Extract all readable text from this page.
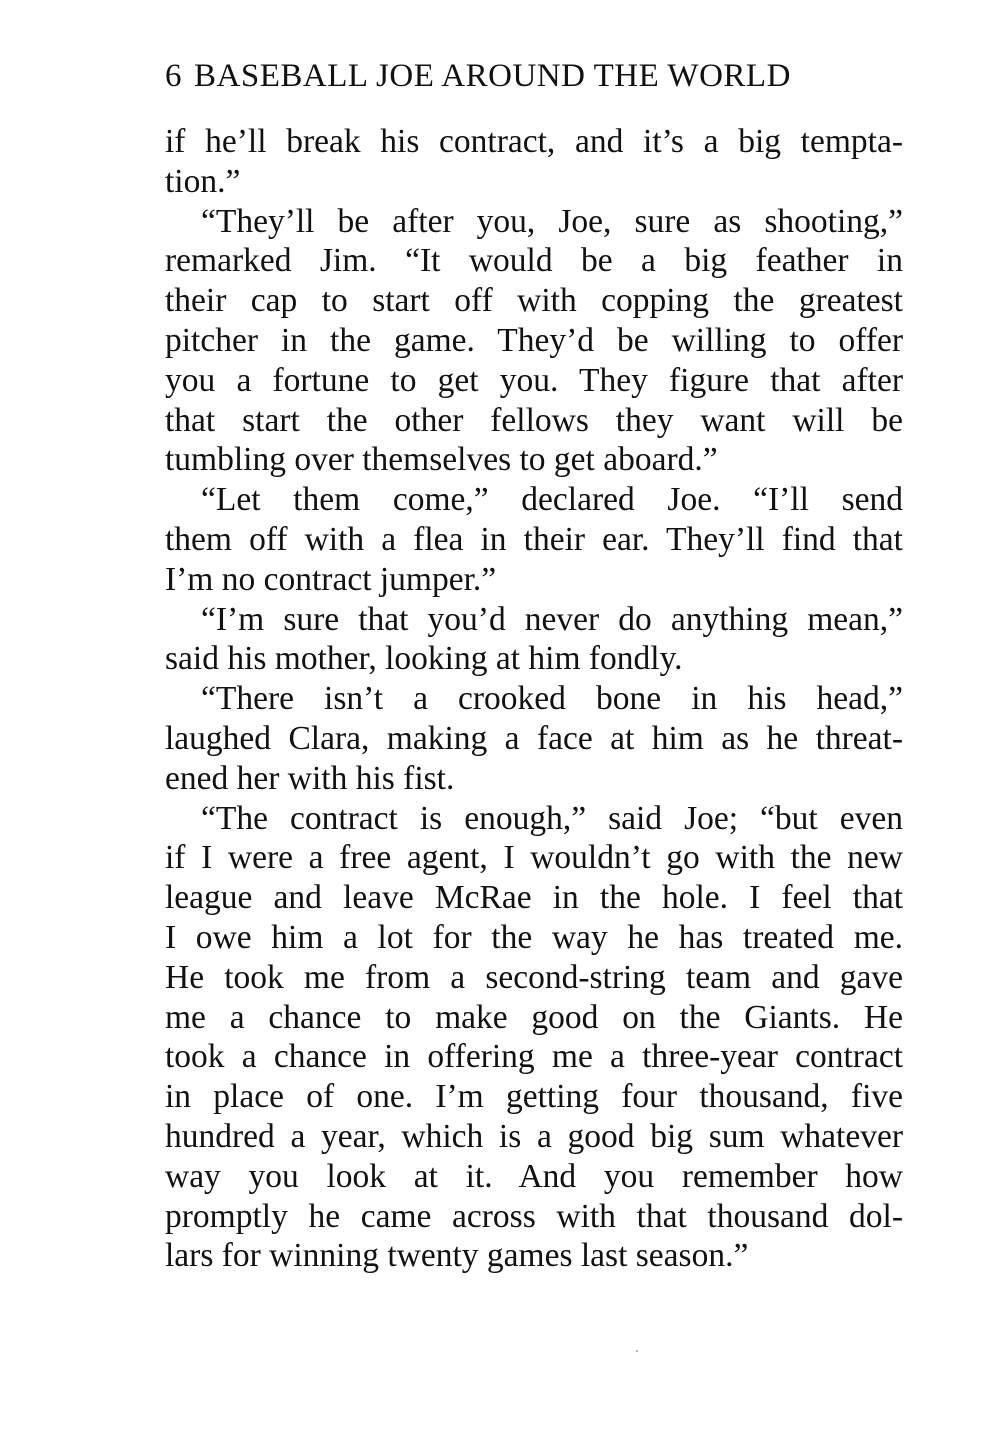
6 BASEBALL JOE AROUND THE WORLD
if he’ll break his contract, and it’s a big tempta-
tion.”
“They’ll be after you, Joe, sure as shooting,”
remarked Jim. “It would be a big feather in
their cap to start off with copping the greatest
pitcher in the game. They’d be willing to offer
you a fortune to get you. They figure that after
that start the other fellows they want will be
tumbling over themselves to get aboard.”
“Let them come,” declared Joe. “I’ll send
them off with a flea in their ear. They’ll find that
I’m no contract jumper.”
“I’m sure that you’d never do anything mean,”
said his mother, looking at him fondly.
“There isn’t a crooked bone in his head,”
laughed Clara, making a face at him as he threat-
ened her with his fist.
“The contract is enough,” said Joe; “but even
if I were a free agent, I wouldn’t go with the new
league and leave McRae in the hole. I feel that
I owe him a lot for the way he has treated me.
He took me from a second-string team and gave
me a chance to make good on the Giants. He
took a chance in offering me a three-year contract
in place of one. I’m getting four thousand, five
hundred a year, which is a good big sum whatever
way you look at it. And you remember how
promptly he came across with that thousand dol-
lars for winning twenty games last season.”
